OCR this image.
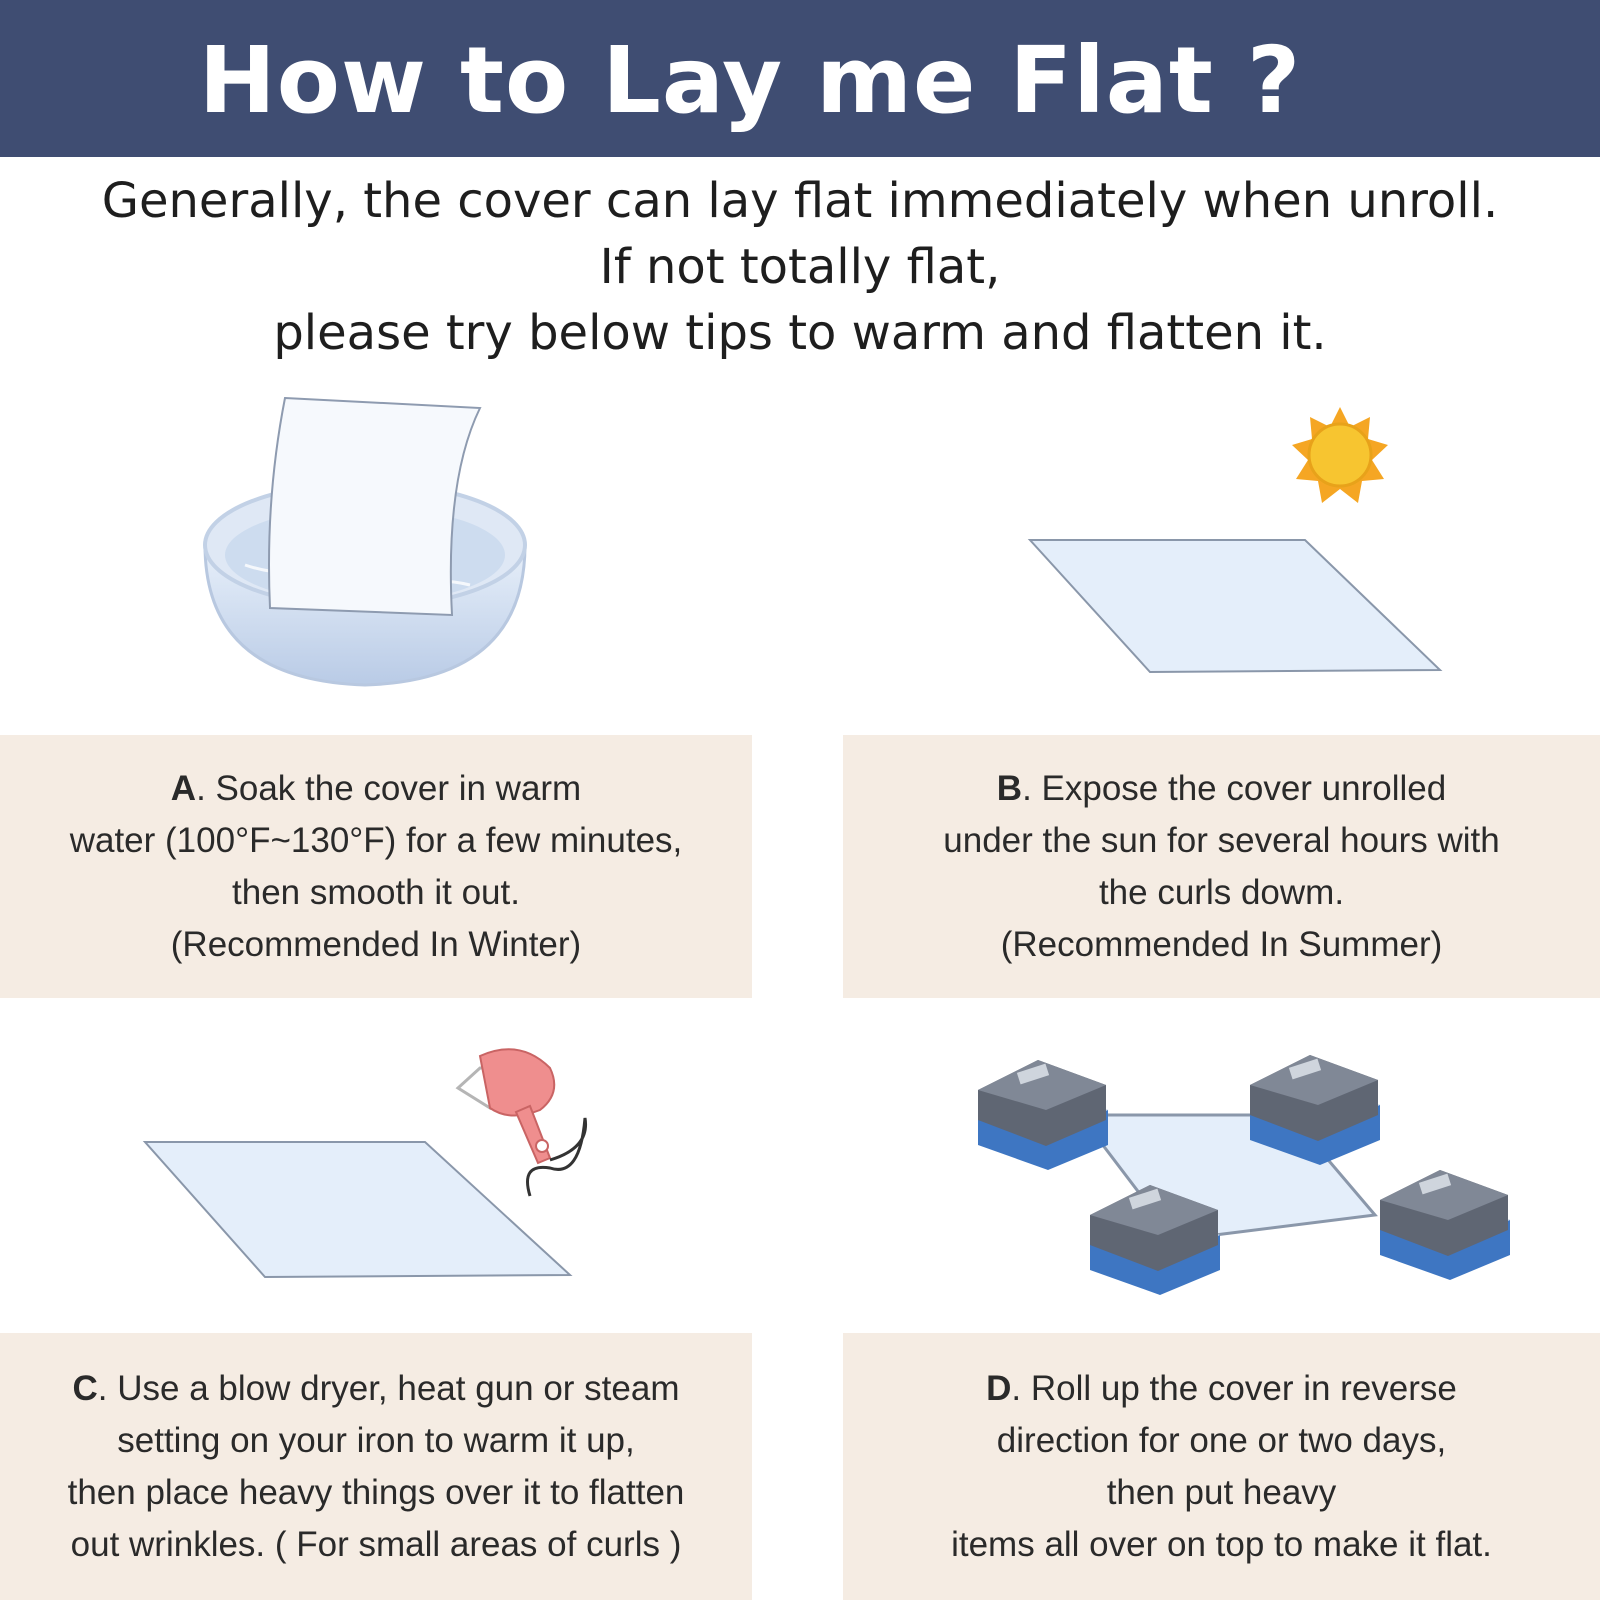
How to Lay me Flat ?
Generally, the cover can lay flat immediately when unroll.
If not totally flat,
please try below tips to warm and flatten it.
A. Soak the cover in warm
water (100°F~130°F) for a few minutes,
then smooth it out.
(Recommended In Winter)
B. Expose the cover unrolled
under the sun for several hours with
the curls dowm.
(Recommended In Summer)
C. Use a blow dryer, heat gun or steam
setting on your iron to warm it up,
then place heavy things over it to flatten
out wrinkles. ( For small areas of curls )
D. Roll up the cover in reverse
direction for one or two days,
then put heavy
items all over on top to make it flat.
